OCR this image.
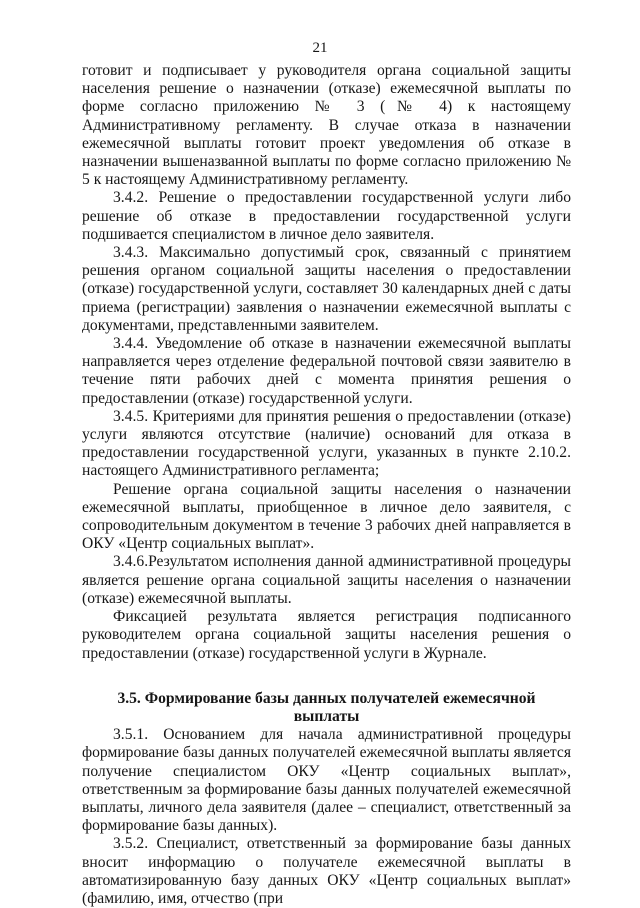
21

готовит и подписывает у руководителя органа социальной защиты населения решение о назначении (отказе) ежемесячной выплаты по форме согласно приложению № 3 (№ 4) к настоящему Административному регламенту. В случае отказа в назначении ежемесячной выплаты готовит проект уведомления об отказе в назначении вышеназванной выплаты по форме согласно приложению № 5 к настоящему Административному регламенту.

3.4.2. Решение о предоставлении государственной услуги либо решение об отказе в предоставлении государственной услуги подшивается специалистом в личное дело заявителя.

3.4.3. Максимально допустимый срок, связанный с принятием решения органом социальной защиты населения о предоставлении (отказе) государственной услуги, составляет 30 календарных дней с даты приема (регистрации) заявления о назначении ежемесячной выплаты с документами, представленными заявителем.

3.4.4. Уведомление об отказе в назначении ежемесячной выплаты направляется через отделение федеральной почтовой связи заявителю в течение пяти рабочих дней с момента принятия решения о предоставлении (отказе) государственной услуги.

3.4.5. Критериями для принятия решения о предоставлении (отказе) услуги являются отсутствие (наличие) оснований для отказа в предоставлении государственной услуги, указанных в пункте 2.10.2. настоящего Административного регламента;

Решение органа социальной защиты населения о назначении ежемесячной выплаты, приобщенное в личное дело заявителя, с сопроводительным документом в течение 3 рабочих дней направляется в ОКУ «Центр социальных выплат».

3.4.6.Результатом исполнения данной административной процедуры является решение органа социальной защиты населения о назначении (отказе) ежемесячной выплаты.

Фиксацией результата является регистрация подписанного руководителем органа социальной защиты населения решения о предоставлении (отказе) государственной услуги в Журнале.

3.5. Формирование базы данных получателей ежемесячной выплаты

3.5.1. Основанием для начала административной процедуры формирование базы данных получателей ежемесячной выплаты является получение специалистом ОКУ «Центр социальных выплат», ответственным за формирование базы данных получателей ежемесячной выплаты, личного дела заявителя (далее – специалист, ответственный за формирование базы данных).

3.5.2. Специалист, ответственный за формирование базы данных вносит информацию о получателе ежемесячной выплаты в автоматизированную базу данных ОКУ «Центр социальных выплат» (фамилию, имя, отчество (при
